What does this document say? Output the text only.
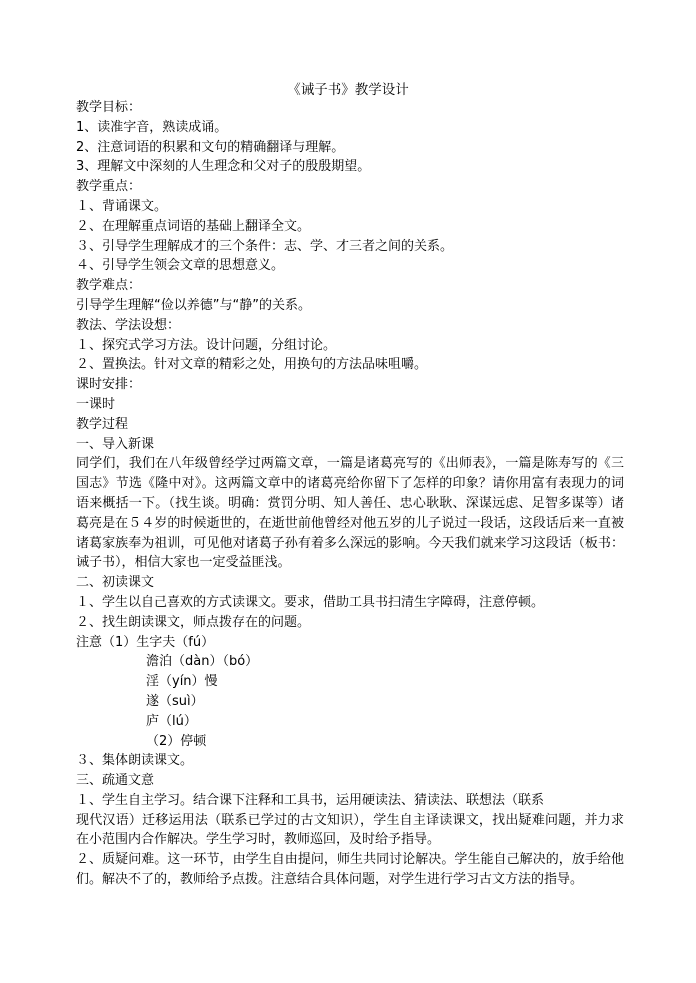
《诫子书》教学设计
教学目标：
1、读准字音，熟读成诵。
2、注意词语的积累和文句的精确翻译与理解。
3、理解文中深刻的人生理念和父对子的殷殷期望。
教学重点：
１、背诵课文。
２、在理解重点词语的基础上翻译全文。
３、引导学生理解成才的三个条件：志、学、才三者之间的关系。
４、引导学生领会文章的思想意义。
教学难点：
引导学生理解“俭以养德”与“静”的关系。
教法、学法设想：
１、探究式学习方法。设计问题，分组讨论。
２、置换法。针对文章的精彩之处，用换句的方法品味咀嚼。
课时安排：
一课时
教学过程
一、导入新课
同学们，我们在八年级曾经学过两篇文章，一篇是诸葛亮写的《出师表》，一篇是陈寿写的《三国志》节选《隆中对》。这两篇文章中的诸葛亮给你留下了怎样的印象？请你用富有表现力的词语来概括一下。（找生谈。明确：赏罚分明、知人善任、忠心耿耿、深谋远虑、足智多谋等）诸葛亮是在５４岁的时候逝世的，在逝世前他曾经对他五岁的儿子说过一段话，这段话后来一直被诸葛家族奉为祖训，可见他对诸葛子孙有着多么深远的影响。今天我们就来学习这段话（板书：诫子书），相信大家也一定受益匪浅。
二、初读课文
１、学生以自己喜欢的方式读课文。要求，借助工具书扫清生字障碍，注意停顿。
２、找生朗读课文，师点拨存在的问题。
注意（1）生字夫（fú）
澹泊（dàn）（bó）
淫（yín）慢
遂（suì）
庐（lú）
（2）停顿
３、集体朗读课文。
三、疏通文意
１、学生自主学习。结合课下注释和工具书，运用硬读法、猜读法、联想法（联系
现代汉语）迁移运用法（联系已学过的古文知识），学生自主译读课文，找出疑难问题，并力求在小范围内合作解决。学生学习时，教师巡回，及时给予指导。
２、质疑问难。这一环节，由学生自由提问，师生共同讨论解决。学生能自己解决的，放手给他们。解决不了的，教师给予点拨。注意结合具体问题，对学生进行学习古文方法的指导。
